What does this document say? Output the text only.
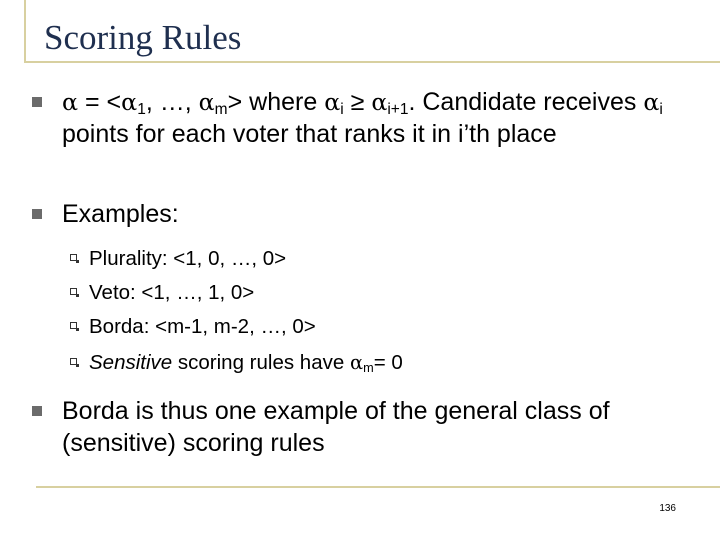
Scoring Rules
$\alpha = <\alpha_1$, …, $\alpha_m>$ where $\alpha_i \ge \alpha_{i+1}$. Candidate receives $\alpha_i$ points for each voter that ranks it in i’th place
Examples:
Plurality: <1, 0, …, 0>
Veto: <1, …, 1, 0>
Borda: <m-1, m-2, …, 0>
Sensitive scoring rules have $\alpha_m= 0$
Borda is thus one example of the general class of (sensitive) scoring rules
136
